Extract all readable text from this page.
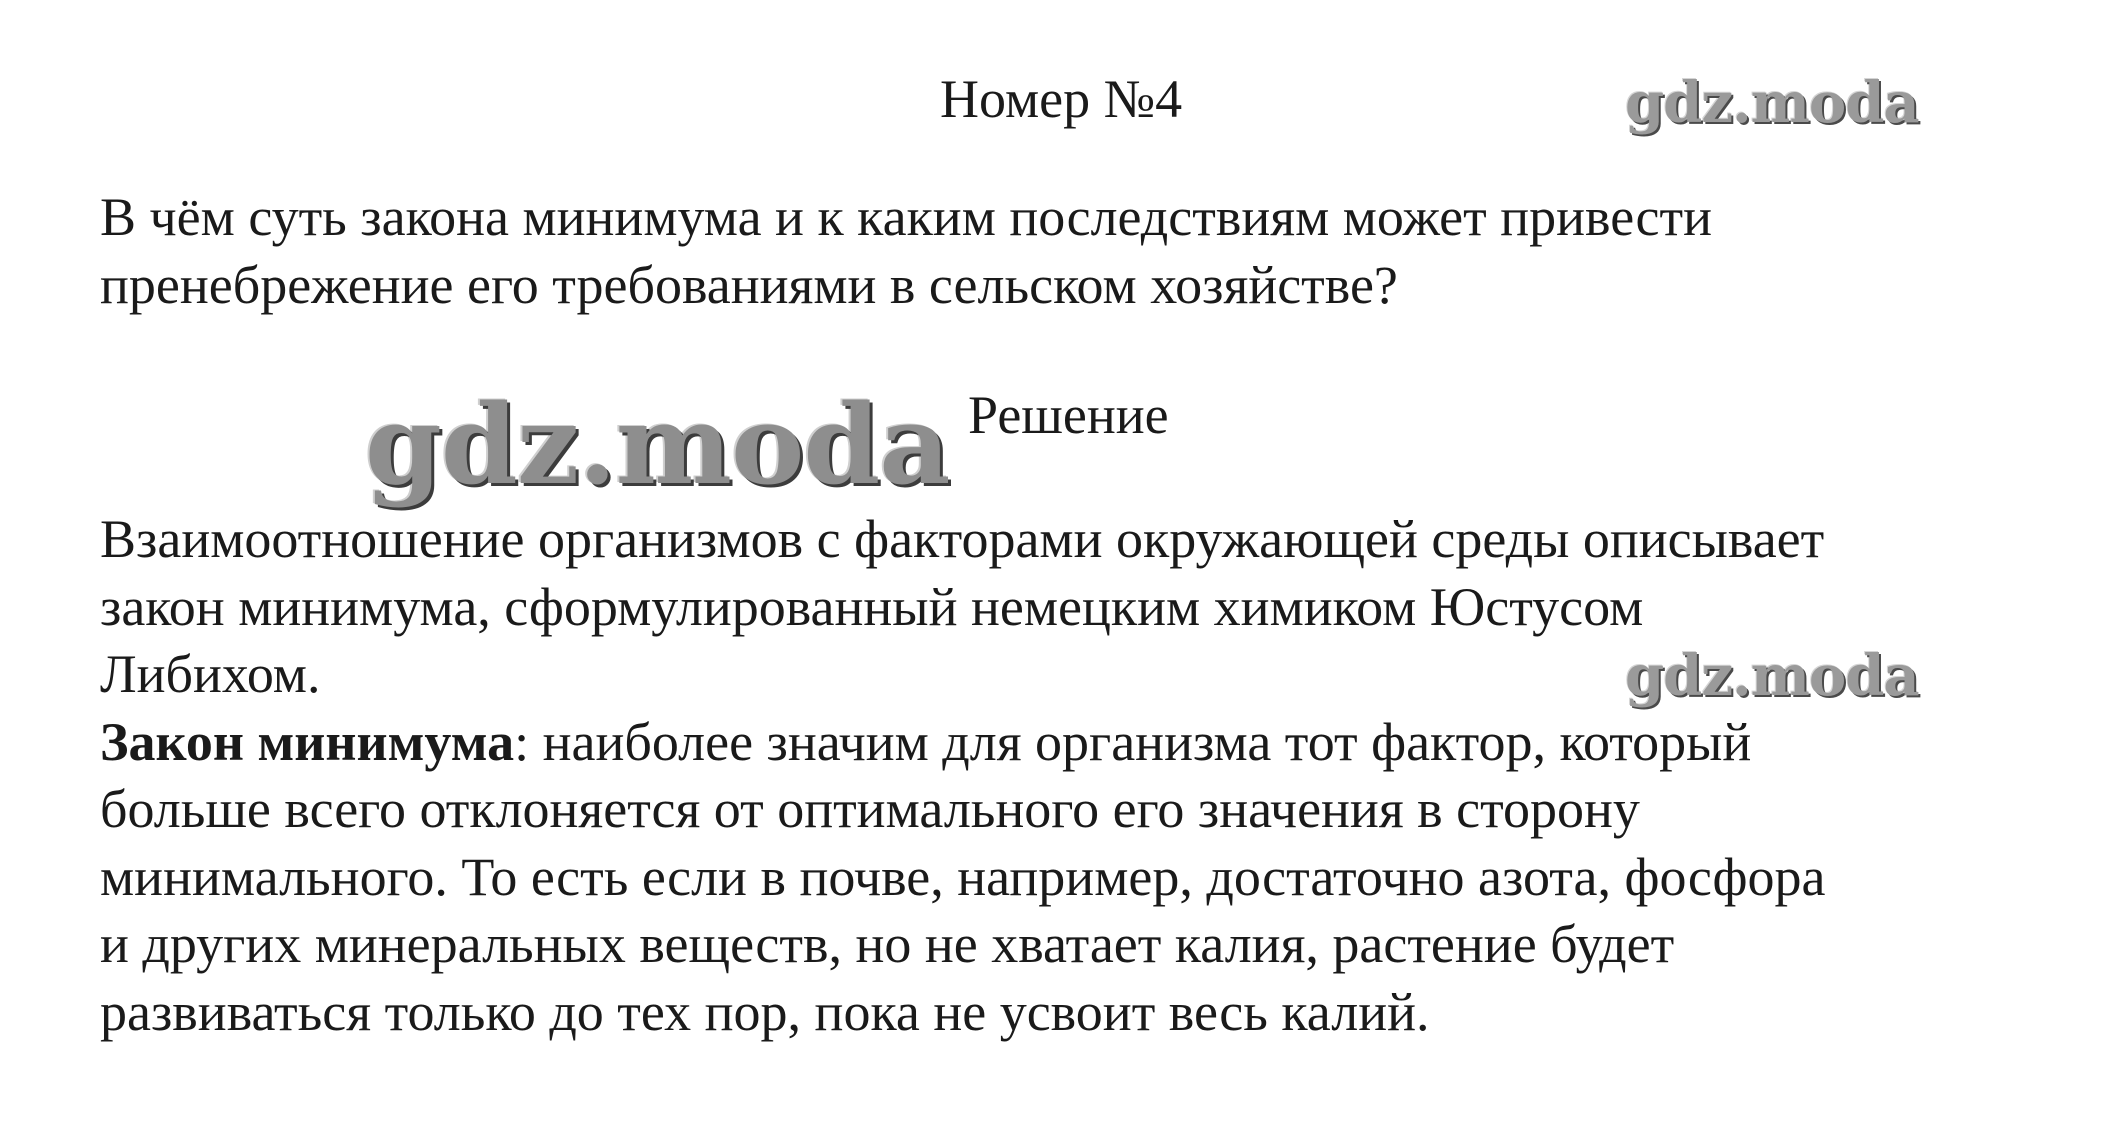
Номер №4	gdz.moda
В чём суть закона минимума и к каким последствиям может привести
пренебрежение его требованиями в сельском хозяйстве?
gdz.moda Решение
Взаимоотношение организмов с факторами окружающей среды описывает
закон минимума, сформулированный немецким химиком Юстусом
Либихом.
Закон минимума: наиболее значим для организма тот фактор, который
больше всего отклоняется от оптимального его значения в сторону
минимального. То есть если в почве, например, достаточно азота, фосфора
и других минеральных веществ, но не хватает калия, растение будет
развиваться только до тех пор, пока не усвоит весь калий.
gdz.moda
